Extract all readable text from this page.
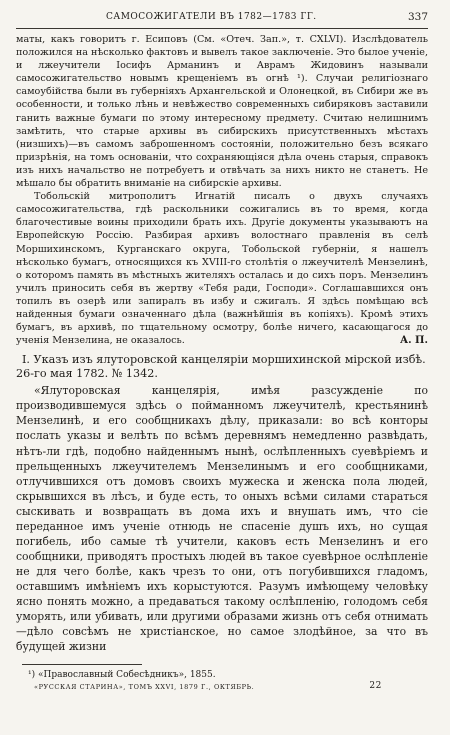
САМОСОЖИГАТЕЛИ ВЪ 1782—1783 ГГ.	337

маты, какъ говоритъ г. Есиповъ (См. «Отеч. Зап.», т. CXLVI). Изслѣдователь положился на нѣсколько фактовъ и вывелъ такое заключеніе. Это былое ученіе, и лжеучители Іосифъ Арманинъ и Аврамъ Жидовинъ называли самосожигательство новымъ крещеніемъ въ огнѣ ¹). Случаи религіознаго самоубійства были въ губерніяхъ Архангельской и Олонецкой, въ Сибири же въ особенности, и только лѣнь и невѣжество современныхъ сибиряковъ заставили ганить важные бумаги по этому интересному предмету. Считаю нелишнимъ замѣтить, что старые архивы въ сибирскихъ присутственныхъ мѣстахъ (низшихъ)—въ самомъ заброшенномъ состояніи, положительно безъ всякаго призрѣнія, на томъ основаніи, что сохраняющіяся дѣла очень старыя, справокъ изъ нихъ начальство не потребуетъ и отвѣчать за нихъ никто не станетъ. Не мѣшало бы обратить вниманіе на сибирскіе архивы.

Тобольскій митрополитъ Игнатій писалъ о двухъ случаяхъ самосожигательства, гдѣ раскольники сожигались въ то время, когда благочестивые воины приходили брать ихъ. Другіе документы указываютъ на Европейскую Россію. Разбирая архивъ волостнаго правленія въ селѣ Моршихинскомъ, Курганскаго округа, Тобольской губерніи, я нашелъ нѣсколько бумагъ, относящихся къ XVIII-го столѣтія о лжеучителѣ Мензелинѣ, о которомъ память въ мѣстныхъ жителяхъ осталась и до сихъ поръ. Мензелинъ училъ приносить себя въ жертву «Тебя ради, Господи». Соглашавшихся онъ топилъ въ озерѣ или запиралъ въ избу и сжигалъ. Я здѣсь помѣщаю всѣ найденныя бумаги означеннаго дѣла (важнѣйшія въ копіяхъ). Кромѣ этихъ бумагъ, въ архивѣ, по тщательному осмотру, болѣе ничего, касающагося до ученія Мензелина, не оказалось.	А. П.
I. Указъ изъ ялуторовской канцеляріи моршихинской мірской избѣ. 26-го мая 1782. № 1342.

«Ялуторовская канцелярія, имѣя разсужденіе по производившемуся здѣсь о пойманномъ лжеучителѣ, крестьянинѣ Мензелинѣ, и его сообщникахъ дѣлу, приказали: во всѣ конторы послать указы и велѣть по всѣмъ деревнямъ немедленно развѣдать, нѣтъ-ли гдѣ, подобно найденнымъ нынѣ, ослѣпленныхъ суевѣріемъ и прельщенныхъ лжеучителемъ Мензелинымъ и его сообщниками, отлучившихся отъ домовъ своихъ мужеска и женска пола людей, скрывшихся въ лѣсъ, и буде есть, то оныхъ всѣми силами стараться сыскивать и возвращать въ дома ихъ и внушать имъ, что сіе переданное имъ ученіе отнюдь не спасеніе душъ ихъ, но сущая погибель, ибо самые тѣ учители, каковъ есть Мензелинъ и его сообщники, приводятъ простыхъ людей въ такое суевѣрное ослѣпленіе не для чего болѣе, какъ чрезъ то они, отъ погубившихся гладомъ, оставшимъ имѣніемъ ихъ корыстуются. Разумъ имѣющему человѣку ясно понять можно, а предаваться такому ослѣпленію, голодомъ себя уморять, или убивать, или другими образами жизнь отъ себя отнимать—дѣло совсѣмъ не христіанское, но самое злодѣйное, за что въ будущей жизни

¹) «Православный Собесѣдникъ», 1855.
«РУССКАЯ СТАРИНА», ТОМЪ XXVI, 1879 Г., ОКТЯБРЬ.	22
